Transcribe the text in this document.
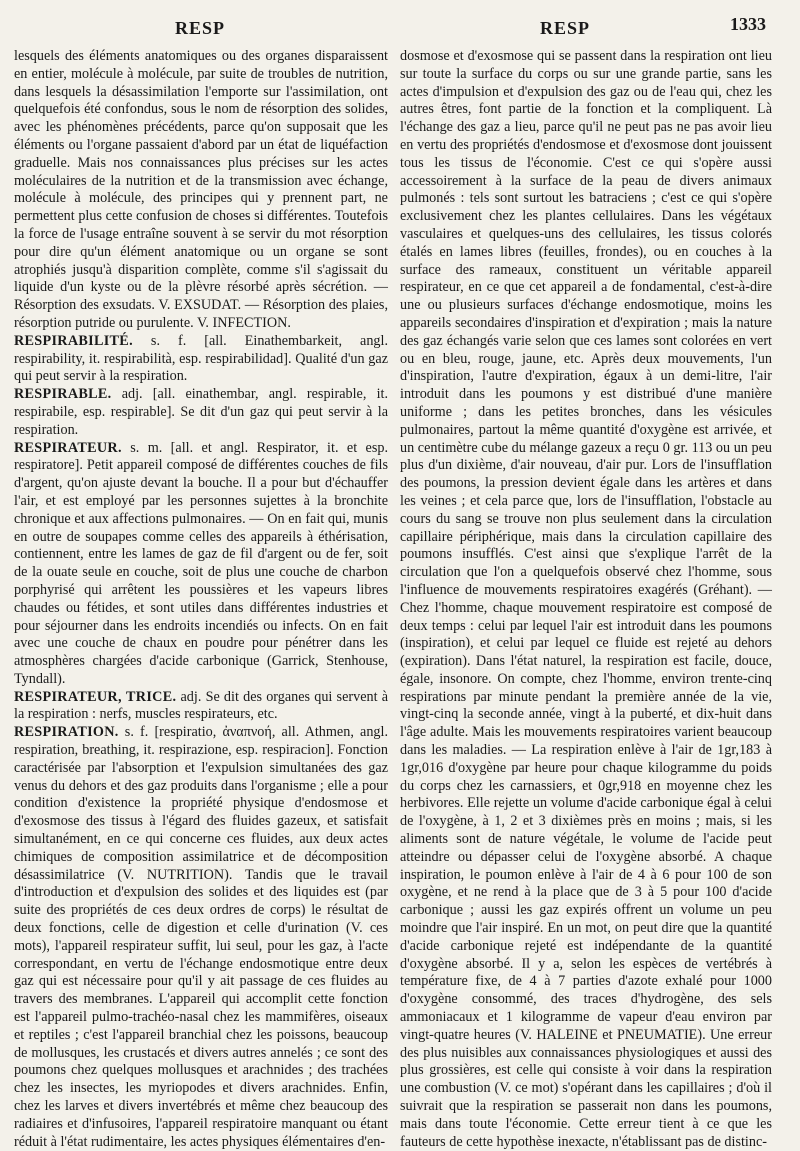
RESP	RESP	1333

lesquels des éléments anatomiques ou des organes disparaissent en entier, molécule à molécule, par suite de troubles de nutrition, dans lesquels la désassimilation l'emporte sur l'assimilation, ont quelquefois été confondus, sous le nom de résorption des solides, avec les phénomènes précédents, parce qu'on supposait que les éléments ou l'organe passaient d'abord par un état de liquéfaction graduelle. Mais nos connaissances plus précises sur les actes moléculaires de la nutrition et de la transmission avec échange, molécule à molécule, des principes qui y prennent part, ne permettent plus cette confusion de choses si différentes. Toutefois la force de l'usage entraîne souvent à se servir du mot résorption pour dire qu'un élément anatomique ou un organe se sont atrophiés jusqu'à disparition complète, comme s'il s'agissait du liquide d'un kyste ou de la plèvre résorbé après sécrétion. — Résorption des exsudats. V. EXSUDAT. — Résorption des plaies, résorption putride ou purulente. V. INFECTION.

RESPIRABILITÉ. s. f. [all. Einathembarkeit, angl. respirability, it. respirabilità, esp. respirabilidad]. Qualité d'un gaz qui peut servir à la respiration.

RESPIRABLE. adj. [all. einathembar, angl. respirable, it. respirabile, esp. respirable]. Se dit d'un gaz qui peut servir à la respiration.

RESPIRATEUR. s. m. [all. et angl. Respirator, it. et esp. respiratore]. Petit appareil composé de différentes couches de fils d'argent, qu'on ajuste devant la bouche. Il a pour but d'échauffer l'air, et est employé par les personnes sujettes à la bronchite chronique et aux affections pulmonaires. — On en fait qui, munis en outre de soupapes comme celles des appareils à éthérisation, contiennent, entre les lames de gaz de fil d'argent ou de fer, soit de la ouate seule en couche, soit de plus une couche de charbon porphyrisé qui arrêtent les poussières et les vapeurs libres chaudes ou fétides, et sont utiles dans différentes industries et pour séjourner dans les endroits incendiés ou infects. On en fait avec une couche de chaux en poudre pour pénétrer dans les atmosphères chargées d'acide carbonique (Garrick, Stenhouse, Tyndall).

RESPIRATEUR, TRICE. adj. Se dit des organes qui servent à la respiration : nerfs, muscles respirateurs, etc.

RESPIRATION. s. f. [respiratio, ἀναπνοή, all. Athmen, angl. respiration, breathing, it. respirazione, esp. respiracion]. Fonction caractérisée par l'absorption et l'expulsion simultanées des gaz venus du dehors et des gaz produits dans l'organisme ; elle a pour condition d'existence la propriété physique d'endosmose et d'exosmose des tissus à l'égard des fluides gazeux, et satisfait simultanément, en ce qui concerne ces fluides, aux deux actes chimiques de composition assimilatrice et de décomposition désassimilatrice (V. NUTRITION). Tandis que le travail d'introduction et d'expulsion des solides et des liquides est (par suite des propriétés de ces deux ordres de corps) le résultat de deux fonctions, celle de digestion et celle d'urination (V. ces mots), l'appareil respirateur suffit, lui seul, pour les gaz, à l'acte correspondant, en vertu de l'échange endosmotique entre deux gaz qui est nécessaire pour qu'il y ait passage de ces fluides au travers des membranes. L'appareil qui accomplit cette fonction est l'appareil pulmo-trachéo-nasal chez les mammifères, oiseaux et reptiles ; c'est l'appareil branchial chez les poissons, beaucoup de mollusques, les crustacés et divers autres annelés ; ce sont des poumons chez quelques mollusques et arachnides ; des trachées chez les insectes, les myriopodes et divers arachnides. Enfin, chez les larves et divers invertébrés et même chez beaucoup des radiaires et d'infusoires, l'appareil respiratoire manquant ou étant réduit à l'état rudimentaire, les actes physiques élémentaires d'en-

dosmose et d'exosmose qui se passent dans la respiration ont lieu sur toute la surface du corps ou sur une grande partie, sans les actes d'impulsion et d'expulsion des gaz ou de l'eau qui, chez les autres êtres, font partie de la fonction et la compliquent. Là l'échange des gaz a lieu, parce qu'il ne peut pas ne pas avoir lieu en vertu des propriétés d'endosmose et d'exosmose dont jouissent tous les tissus de l'économie. C'est ce qui s'opère aussi accessoirement à la surface de la peau de divers animaux pulmonés : tels sont surtout les batraciens ; c'est ce qui s'opère exclusivement chez les plantes cellulaires. Dans les végétaux vasculaires et quelques-uns des cellulaires, les tissus colorés étalés en lames libres (feuilles, frondes), ou en couches à la surface des rameaux, constituent un véritable appareil respirateur, en ce que cet appareil a de fondamental, c'est-à-dire une ou plusieurs surfaces d'échange endosmotique, moins les appareils secondaires d'inspiration et d'expiration ; mais la nature des gaz échangés varie selon que ces lames sont colorées en vert ou en bleu, rouge, jaune, etc. Après deux mouvements, l'un d'inspiration, l'autre d'expiration, égaux à un demi-litre, l'air introduit dans les poumons y est distribué d'une manière uniforme ; dans les petites bronches, dans les vésicules pulmonaires, partout la même quantité d'oxygène est arrivée, et un centimètre cube du mélange gazeux a reçu 0 gr. 113 ou un peu plus d'un dixième, d'air nouveau, d'air pur. Lors de l'insufflation des poumons, la pression devient égale dans les artères et dans les veines ; et cela parce que, lors de l'insufflation, l'obstacle au cours du sang se trouve non plus seulement dans la circulation capillaire périphérique, mais dans la circulation capillaire des poumons insufflés. C'est ainsi que s'explique l'arrêt de la circulation que l'on a quelquefois observé chez l'homme, sous l'influence de mouvements respiratoires exagérés (Gréhant). — Chez l'homme, chaque mouvement respiratoire est composé de deux temps : celui par lequel l'air est introduit dans les poumons (inspiration), et celui par lequel ce fluide est rejeté au dehors (expiration). Dans l'état naturel, la respiration est facile, douce, égale, insonore. On compte, chez l'homme, environ trente-cinq respirations par minute pendant la première année de la vie, vingt-cinq la seconde année, vingt à la puberté, et dix-huit dans l'âge adulte. Mais les mouvements respiratoires varient beaucoup dans les maladies. — La respiration enlève à l'air de 1gr,183 à 1gr,016 d'oxygène par heure pour chaque kilogramme du poids du corps chez les carnassiers, et 0gr,918 en moyenne chez les herbivores. Elle rejette un volume d'acide carbonique égal à celui de l'oxygène, à 1, 2 et 3 dixièmes près en moins ; mais, si les aliments sont de nature végétale, le volume de l'acide peut atteindre ou dépasser celui de l'oxygène absorbé. A chaque inspiration, le poumon enlève à l'air de 4 à 6 pour 100 de son oxygène, et ne rend à la place que de 3 à 5 pour 100 d'acide carbonique ; aussi les gaz expirés offrent un volume un peu moindre que l'air inspiré. En un mot, on peut dire que la quantité d'acide carbonique rejeté est indépendante de la quantité d'oxygène absorbé. Il y a, selon les espèces de vertébrés à température fixe, de 4 à 7 parties d'azote exhalé pour 1000 d'oxygène consommé, des traces d'hydrogène, des sels ammoniacaux et 1 kilogramme de vapeur d'eau environ par vingt-quatre heures (V. HALEINE et PNEUMATIE). Une erreur des plus nuisibles aux connaissances physiologiques et aussi des plus grossières, est celle qui consiste à voir dans la respiration une combustion (V. ce mot) s'opérant dans les capillaires ; d'où il suivrait que la respiration se passerait non dans les poumons, mais dans toute l'économie. Cette erreur tient à ce que les fauteurs de cette hypothèse inexacte, n'établissant pas de distinc-
